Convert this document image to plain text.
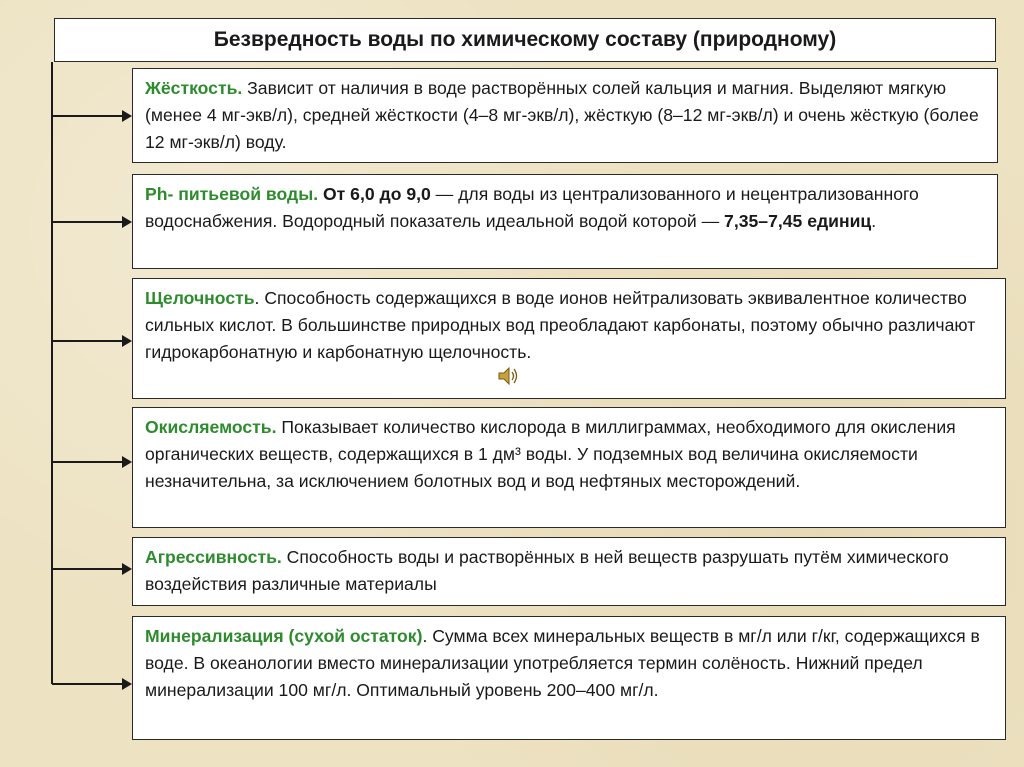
Безвредность воды по химическому составу (природному)
Жёсткость. Зависит от наличия в воде растворённых солей кальция и магния. Выделяют мягкую (менее 4 мг-экв/л), средней жёсткости (4–8 мг-экв/л), жёсткую (8–12 мг-экв/л) и очень жёсткую (более 12 мг-экв/л) воду.
Ph- питьевой воды. От 6,0 до 9,0 — для воды из централизованного и нецентрализованного водоснабжения. Водородный показатель идеальной водой которой — 7,35–7,45 единиц.
Щелочность. Способность содержащихся в воде ионов нейтрализовать эквивалентное количество сильных кислот. В большинстве природных вод преобладают карбонаты, поэтому обычно различают гидрокарбонатную и карбонатную щелочность.
Окисляемость. Показывает количество кислорода в миллиграммах, необходимого для окисления органических веществ, содержащихся в 1 дм³ воды. У подземных вод величина окисляемости незначительна, за исключением болотных вод и вод нефтяных месторождений.
Агрессивность. Способность воды и растворённых в ней веществ разрушать путём химического воздействия различные материалы
Минерализация (сухой остаток). Сумма всех минеральных веществ в мг/л или г/кг, содержащихся в воде. В океанологии вместо минерализации употребляется термин солёность. Нижний предел минерализации 100 мг/л. Оптимальный уровень 200–400 мг/л.
